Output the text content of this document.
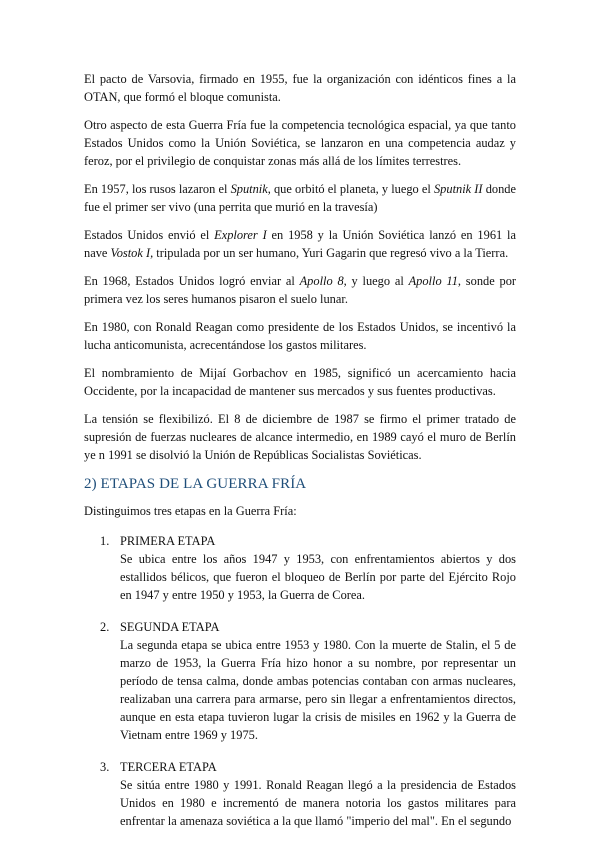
El pacto de Varsovia, firmado en 1955, fue la organización con idénticos fines a la OTAN, que formó el bloque comunista.

Otro aspecto de esta Guerra Fría fue la competencia tecnológica espacial, ya que tanto Estados Unidos como la Unión Soviética, se lanzaron en una competencia audaz y feroz, por el privilegio de conquistar zonas más allá de los límites terrestres.

En 1957, los rusos lazaron el Sputnik, que orbitó el planeta, y luego el Sputnik II donde fue el primer ser vivo (una perrita que murió en la travesía)

Estados Unidos envió el Explorer I en 1958 y la Unión Soviética lanzó en 1961 la nave Vostok I, tripulada por un ser humano, Yuri Gagarin que regresó vivo a la Tierra.

En 1968, Estados Unidos logró enviar al Apollo 8, y luego al Apollo 11, sonde por primera vez los seres humanos pisaron el suelo lunar.

En 1980, con Ronald Reagan como presidente de los Estados Unidos, se incentivó la lucha anticomunista, acrecentándose los gastos militares.

El nombramiento de Mijaí Gorbachov en 1985, significó un acercamiento hacia Occidente, por la incapacidad de mantener sus mercados y sus fuentes productivas.

La tensión se flexibilizó. El 8 de diciembre de 1987 se firmo el primer tratado de supresión de fuerzas nucleares de alcance intermedio, en 1989 cayó el muro de Berlín ye n 1991 se disolvió la Unión de Repúblicas Socialistas Soviéticas.

2) ETAPAS DE LA GUERRA FRÍA

Distinguimos tres etapas en la Guerra Fría:

1. PRIMERA ETAPA
Se ubica entre los años 1947 y 1953, con enfrentamientos abiertos y dos estallidos bélicos, que fueron el bloqueo de Berlín por parte del Ejército Rojo en 1947 y entre 1950 y 1953, la Guerra de Corea.
2. SEGUNDA ETAPA
La segunda etapa se ubica entre 1953 y 1980. Con la muerte de Stalin, el 5 de marzo de 1953, la Guerra Fría hizo honor a su nombre, por representar un período de tensa calma, donde ambas potencias contaban con armas nucleares, realizaban una carrera para armarse, pero sin llegar a enfrentamientos directos, aunque en esta etapa tuvieron lugar la crisis de misiles en 1962 y la Guerra de Vietnam entre 1969 y 1975.
3. TERCERA ETAPA
Se sitúa entre 1980 y 1991. Ronald Reagan llegó a la presidencia de Estados Unidos en 1980 e incrementó de manera notoria los gastos militares para enfrentar la amenaza soviética a la que llamó "imperio del mal". En el segundo
